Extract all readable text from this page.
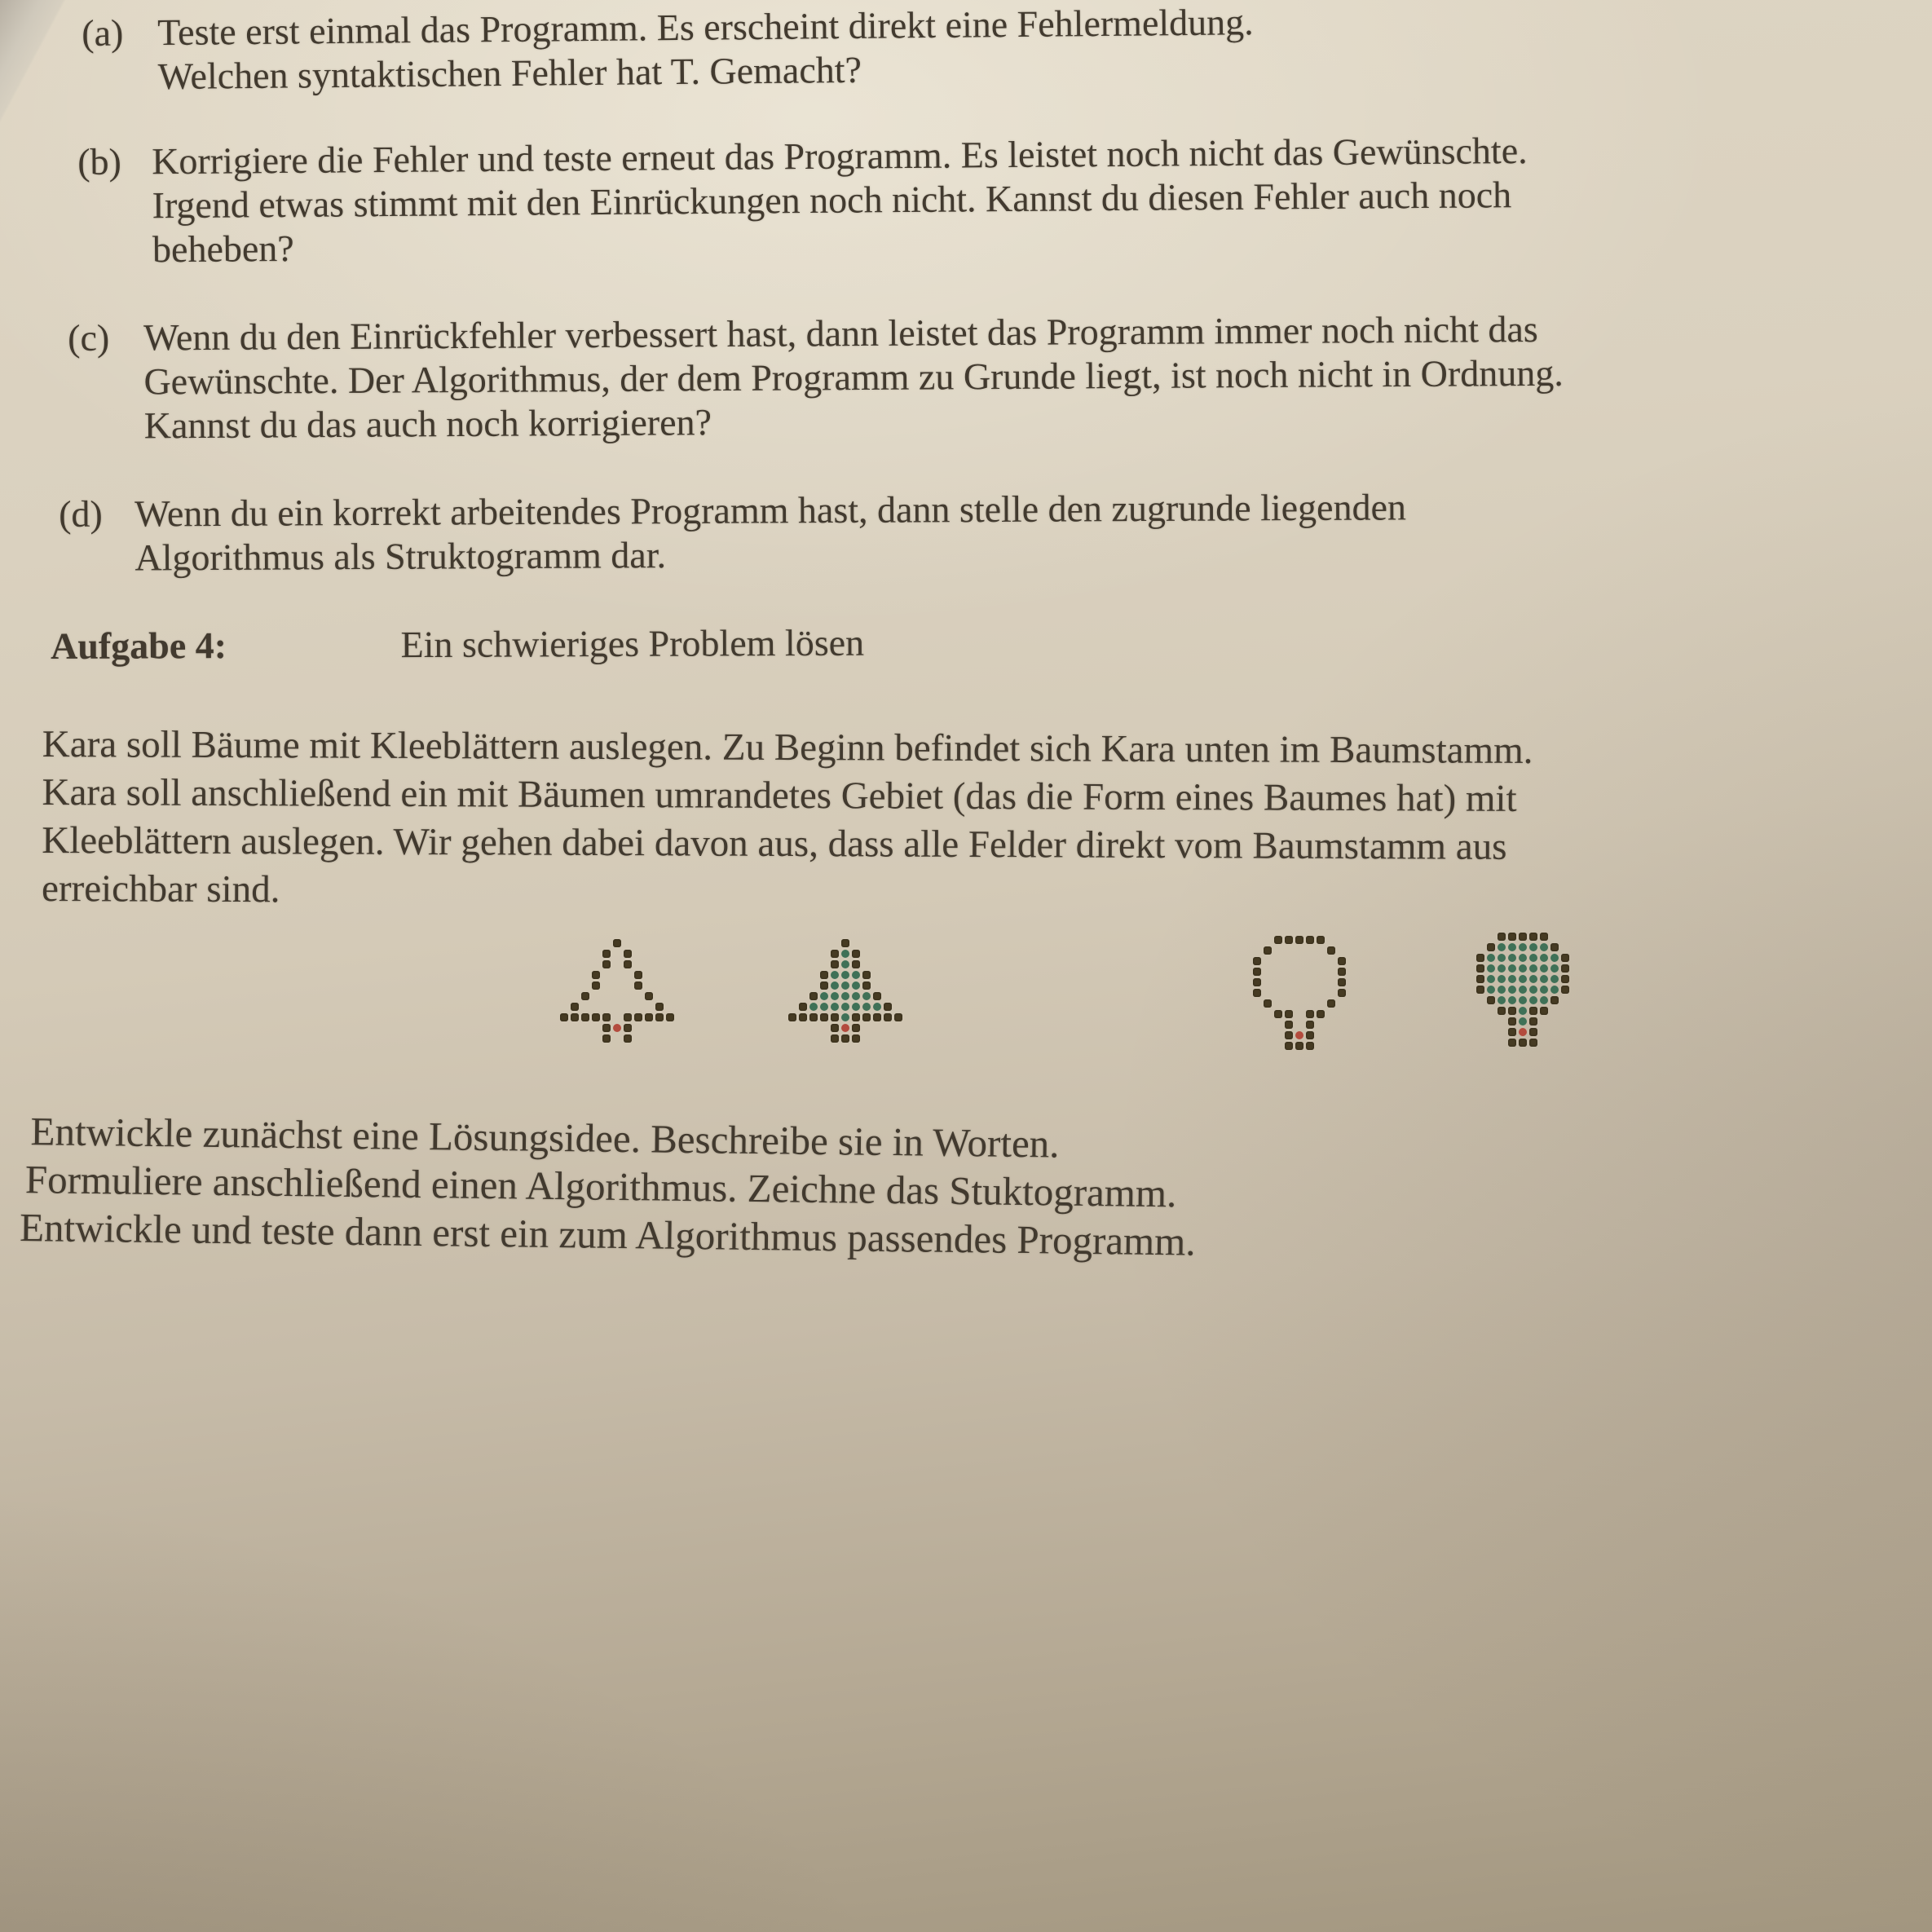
(a) Teste erst einmal das Programm. Es erscheint direkt eine Fehlermeldung.
Welchen syntaktischen Fehler hat T. Gemacht?
(b) Korrigiere die Fehler und teste erneut das Programm. Es leistet noch nicht das Gewünschte.
Irgend etwas stimmt mit den Einrückungen noch nicht. Kannst du diesen Fehler auch noch
beheben?
(c) Wenn du den Einrückfehler verbessert hast, dann leistet das Programm immer noch nicht das
Gewünschte. Der Algorithmus, der dem Programm zu Grunde liegt, ist noch nicht in Ordnung.
Kannst du das auch noch korrigieren?
(d) Wenn du ein korrekt arbeitendes Programm hast, dann stelle den zugrunde liegenden
Algorithmus als Struktogramm dar.
Aufgabe 4:	Ein schwieriges Problem lösen
Kara soll Bäume mit Kleeblättern auslegen. Zu Beginn befindet sich Kara unten im Baumstamm.
Kara soll anschließend ein mit Bäumen umrandetes Gebiet (das die Form eines Baumes hat) mit
Kleeblättern auslegen. Wir gehen dabei davon aus, dass alle Felder direkt vom Baumstamm aus
erreichbar sind.
Entwickle zunächst eine Lösungsidee. Beschreibe sie in Worten.
Formuliere anschließend einen Algorithmus. Zeichne das Stuktogramm.
Entwickle und teste dann erst ein zum Algorithmus passendes Programm.
